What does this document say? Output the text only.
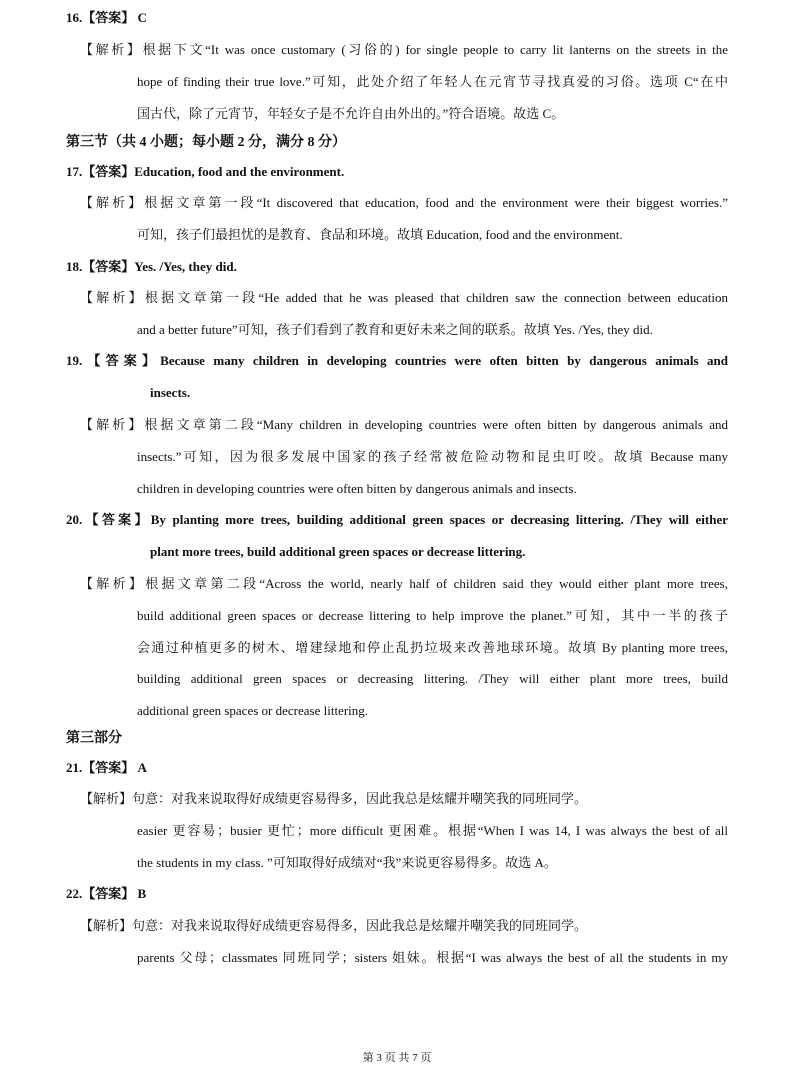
16.【答案】 C
【解析】根据下文“It was once customary (习俗的) for single people to carry lit lanterns on the streets in the
hope of finding their true love.”可知，此处介绍了年轻人在元宵节寻找真爱的习俗。选项 C“在中
国古代，除了元宵节，年轻女子是不允许自由外出的。”符合语境。故选 C。
第三节（共 4 小题；每小题 2 分，满分 8 分）
17.【答案】Education, food and the environment.
【解析】根据文章第一段“It discovered that education, food and the environment were their biggest worries.”
可知，孩子们最担忧的是教育、食品和环境。故填 Education, food and the environment.
18.【答案】Yes. /Yes, they did.
【解析】根据文章第一段“He added that he was pleased that children saw the connection between education
and a better future”可知，孩子们看到了教育和更好未来之间的联系。故填 Yes. /Yes, they did.
19.【答案】Because many children in developing countries were often bitten by dangerous animals and
insects.
【解析】根据文章第二段“Many children in developing countries were often bitten by dangerous animals and
insects.”可知，因为很多发展中国家的孩子经常被危险动物和昆虫叮咬。故填 Because many
children in developing countries were often bitten by dangerous animals and insects.
20.【答案】By planting more trees, building additional green spaces or decreasing littering. /They will either
plant more trees, build additional green spaces or decrease littering.
【解析】根据文章第二段“Across the world, nearly half of children said they would either plant more trees,
build additional green spaces or decrease littering to help improve the planet.”可知，其中一半的孩子
会通过种植更多的树木、增建绿地和停止乱扔垃圾来改善地球环境。故填 By planting more trees,
building additional green spaces or decreasing littering. /They will either plant more trees, build
additional green spaces or decrease littering.
第三部分
21.【答案】 A
【解析】句意：对我来说取得好成绩更容易得多，因此我总是炫耀并嘲笑我的同班同学。
easier 更容易；busier 更忙；more difficult 更困难。根据“When I was 14, I was always the best of all
the students in my class. ”可知取得好成绩对“我”来说更容易得多。故选 A。
22.【答案】 B
【解析】句意：对我来说取得好成绩更容易得多，因此我总是炫耀并嘲笑我的同班同学。
parents 父母；classmates 同班同学；sisters 姐妹。根据“I was always the best of all the students in my
第 3 页 共 7 页
